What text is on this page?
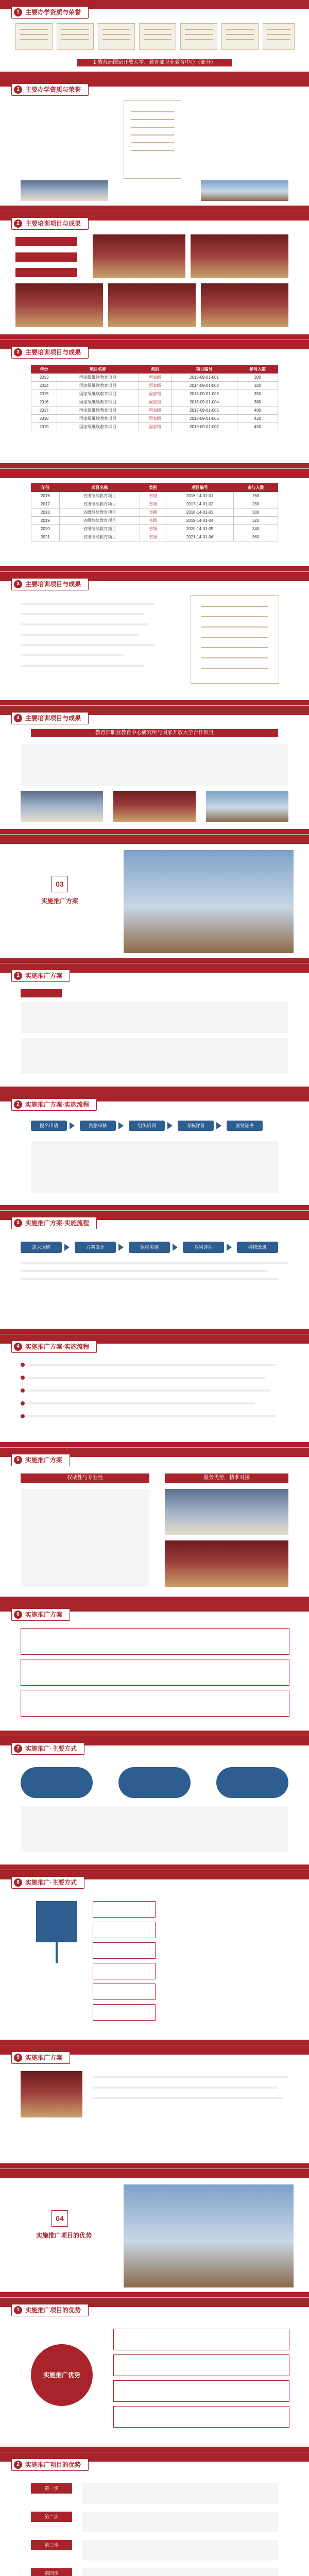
1 主要办学资质与荣誉
1 教育部国家开放大学、教育部职业教育中心（部分）
1 主要办学资质与荣誉
2 主要培训项目与成果
3 主要培训项目与成果
年份	项目名称	类别	项目编号	参与人数
2013	国家级继续教育项目	国家级	2013-09-01-001	300
2014	国家级继续教育项目	国家级	2014-09-01-002	320
2015	国家级继续教育项目	国家级	2015-09-01-003	350
2016	国家级继续教育项目	国家级	2016-09-01-004	380
2017	国家级继续教育项目	国家级	2017-09-01-005	400
2018	国家级继续教育项目	国家级	2018-09-01-006	420
2019	国家级继续教育项目	国家级	2019-09-01-007	450
年份	项目名称	类别	项目编号	参与人数
2016	省级继续教育项目	省级	2016-14-01-01	260
2017	省级继续教育项目	省级	2017-14-01-02	280
2018	省级继续教育项目	省级	2018-14-01-03	300
2019	省级继续教育项目	省级	2019-14-01-04	320
2020	省级继续教育项目	省级	2020-14-01-05	340
2021	省级继续教育项目	省级	2021-14-01-06	360
3 主要培训项目与成果
4 主要培训项目与成果
教育部职业教育中心研究所与国家开放大学合作项目
03
实施推广方案
1 实施推广方案
2 实施推广方案·实施流程
报名申请	资格审核	组织培训	考核评价	颁发证书
3 实施推广方案·实施流程
需求调研	方案设计	课程实施	效果评估	持续改进
4 实施推广方案·实施流程
5 实施推广方案
权威性与专业性	服务优势，精准对接
6 实施推广方案
7 实施推广·主要方式
8 实施推广·主要方式
9 实施推广方案
04
实施推广项目的优势
1 实施推广项目的优势
实施推广优势
2 实施推广项目的优势
第一步
第二步
第三步
第四步
